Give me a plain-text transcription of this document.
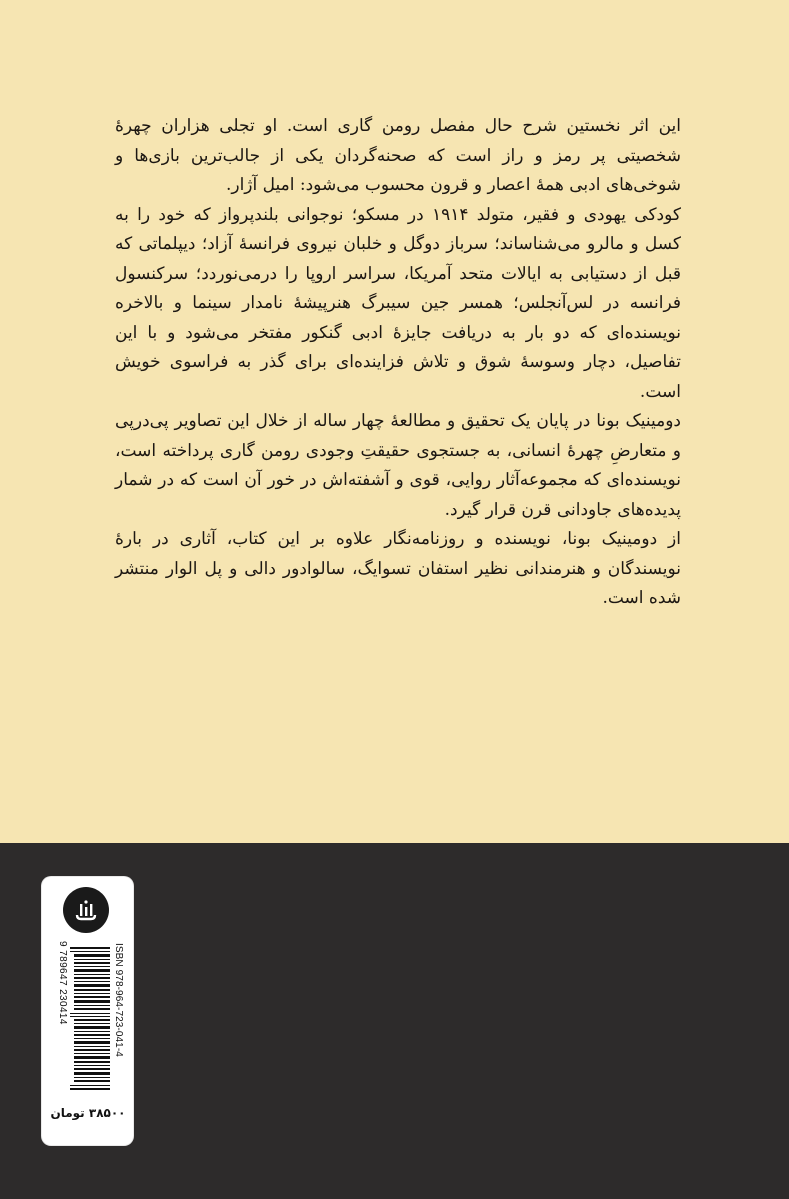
این اثر نخستین شرح حال مفصل رومن گاری است. او تجلی هزاران چهرهٔ شخصیتی پر رمز و راز است که صحنه‌گردان یکی از جالب‌ترین بازی‌ها و شوخی‌های ادبی همهٔ اعصار و قرون محسوب می‌شود: امیل آژار.

کودکی یهودی و فقیر، متولد ۱۹۱۴ در مسکو؛ نوجوانی بلندپرواز که خود را به کسل و مالرو می‌شناساند؛ سرباز دوگل و خلبان نیروی فرانسهٔ آزاد؛ دیپلماتی که قبل از دستیابی به ایالات متحد آمریکا، سراسر اروپا را درمی‌نوردد؛ سرکنسول فرانسه در لس‌آنجلس؛ همسر جین سیبرگ هنرپیشهٔ نامدار سینما و بالاخره نویسنده‌ای که دو بار به دریافت جایزهٔ ادبی گنکور مفتخر می‌شود و با این تفاصیل، دچار وسوسهٔ شوق و تلاش فزاینده‌ای برای گذر به فراسوی خویش است.

دومینیک بونا در پایان یک تحقیق و مطالعهٔ چهار ساله از خلال این تصاویر پی‌درپی و متعارضِ چهرهٔ انسانی، به جستجوی حقیقتِ وجودی رومن گاری پرداخته است، نویسنده‌ای که مجموعه‌آثار روایی، قوی و آشفته‌اش در خور آن است که در شمار پدیده‌های جاودانی قرن قرار گیرد.

از دومینیک بونا، نویسنده و روزنامه‌نگار علاوه بر این کتاب، آثاری در بارهٔ نویسندگان و هنرمندانی نظیر استفان تسوایگ، سالوادور دالی و پل الوار منتشر شده است.

ISBN 978-964-723-041-4
9 789647 230414
۳۸۵۰۰ تومان
